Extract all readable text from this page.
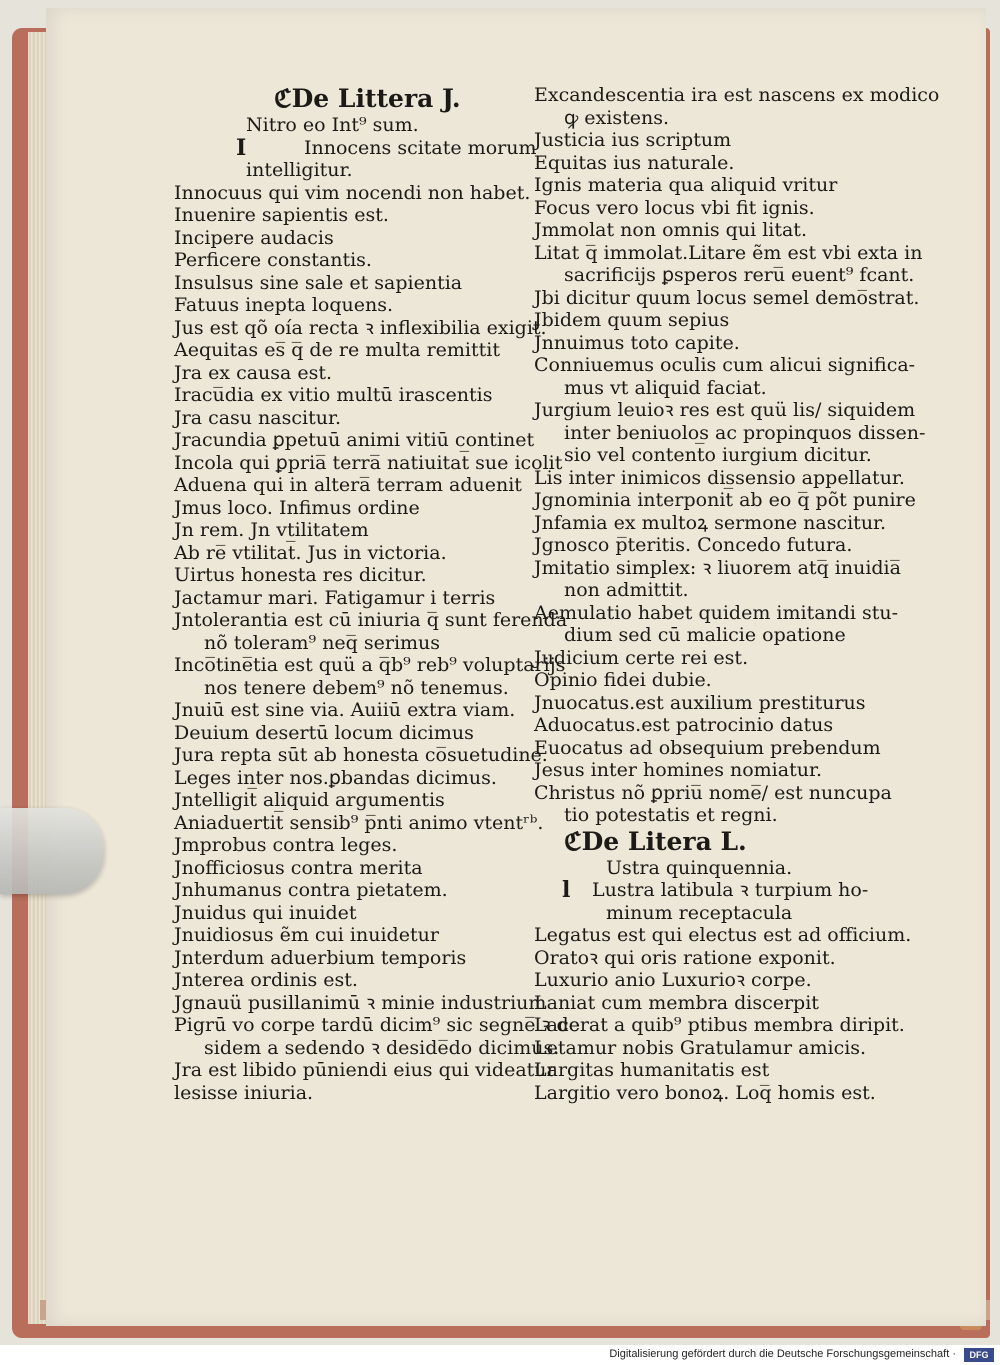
ℭDe Littera J.
Nitro eo Int⁹ sum.
I	Innocens scitate morum
intelligitur.
Innocuus qui vim nocendi non habet.
Inuenire sapientis est.
Incipere audacis
Perficere constantis.
Insulsus sine sale et sapientia
Fatuus inepta loquens.
Jus est qõ oía recta ꝛ inflexibilia exigit.
Aequitas es̅ q̅ de re multa remittit
Jra ex causa est.
Iracu̅dia ex vitio multū irascentis
Jra casu nascitur.
Jracundia ꝑpetuū animi vitiū continet
Incola qui ꝑpria̅ terra̅ natiuitat̅ sue icolit
Aduena qui in altera̅ terram aduenit
Jmus loco. Infimus ordine
Jn rem. Jn vtilitatem
Ab re̅ vtilitat̅. Jus in victoria.
Uirtus honesta res dicitur.
Jactamur mari. Fatigamur i terris
Jntolerantia est cū iniuria q̅ sunt ferenda
nõ toleram⁹ neq̅ serimus
Inco̅tine̅tia est quü a q̅b⁹ reb⁹ voluptarijs
nos tenere debem⁹ nõ tenemus.
Jnuiū est sine via. Auiiū extra viam.
Deuium desertū locum dicimus
Jura repta sūt ab honesta co̅suetudine.
Leges inter nos.ꝑbandas dicimus.
Jntelligit̅ aliquid argumentis
Aniaduertit̅ sensib⁹ p̅nti animo vtentʳᵇ.
Jmprobus contra leges.
Jnofficiosus contra merita
Jnhumanus contra pietatem.
Jnuidus qui inuidet
Jnuidiosus ẽm cui inuidetur
Jnterdum aduerbium temporis
Jnterea ordinis est.
Jgnauü pusillanimū ꝛ minie industrium
Pigrū vo corpe tardū dicim⁹ sic segne̅ ꝛ de
sidem a sedendo ꝛ deside̅do dicimus.
Jra est libido pūniendi eius qui videatur
lesisse iniuria.
Excandescentia ira est nascens ex modico
ꝙ existens.
Justicia ius scriptum
Equitas ius naturale.
Ignis materia qua aliquid vritur
Focus vero locus vbi fit ignis.
Jmmolat non omnis qui litat.
Litat q̅ immolat.Litare ẽm est vbi exta in
sacrificijs ꝑsperos reru̅ euent⁹ fcant.
Jbi dicitur quum locus semel demo̅strat.
Jbidem quum sepius
Jnnuimus toto capite.
Conniuemus oculis cum alicui significa-
mus vt aliquid faciat.
Jurgium leuioꝛ res est quü lis/ siquidem
inter beniuolos ac propinquos dissen-
sio vel content̅o iurgium dicitur.
Lis inter inimicos dissensio appellatur.
Jgnominia interponit̅ ab eo q̅ põt punire
Jnfamia ex multoꝝ sermone nascitur.
Jgnosco p̅teritis. Concedo futura.
Jmitatio simplex: ꝛ liuorem atq̅ inuidia̅
non admittit.
Aemulatio habet quidem imitandi stu-
dium sed cū malicie opatione
Judicium certe rei est.
Opinio fidei dubie.
Jnuocatus.est auxilium prestiturus
Aduocatus.est patrocinio datus
Euocatus ad obsequium prebendum
Jesus inter homines nomiatur.
Christus nõ ꝑpriu̅ nome̅/ est nuncupa
tio potestatis et regni.
ℭDe Litera L.
Ustra quinquennia.
l Lustra latibula ꝛ turpium ho-
minum receptacula
Legatus est qui electus est ad officium.
Oratoꝛ qui oris ratione exponit.
Luxurio anio Luxurioꝛ corpe.
Laniat cum membra discerpit
Lacerat a quib⁹ ptibus membra diripit.
Letamur nobis Gratulamur amicis.
Largitas humanitatis est
Largitio vero bonoꝝ. Loq̅ homis est.
Digitalisierung gefördert durch die Deutsche Forschungsgemeinschaft ·	DFG
